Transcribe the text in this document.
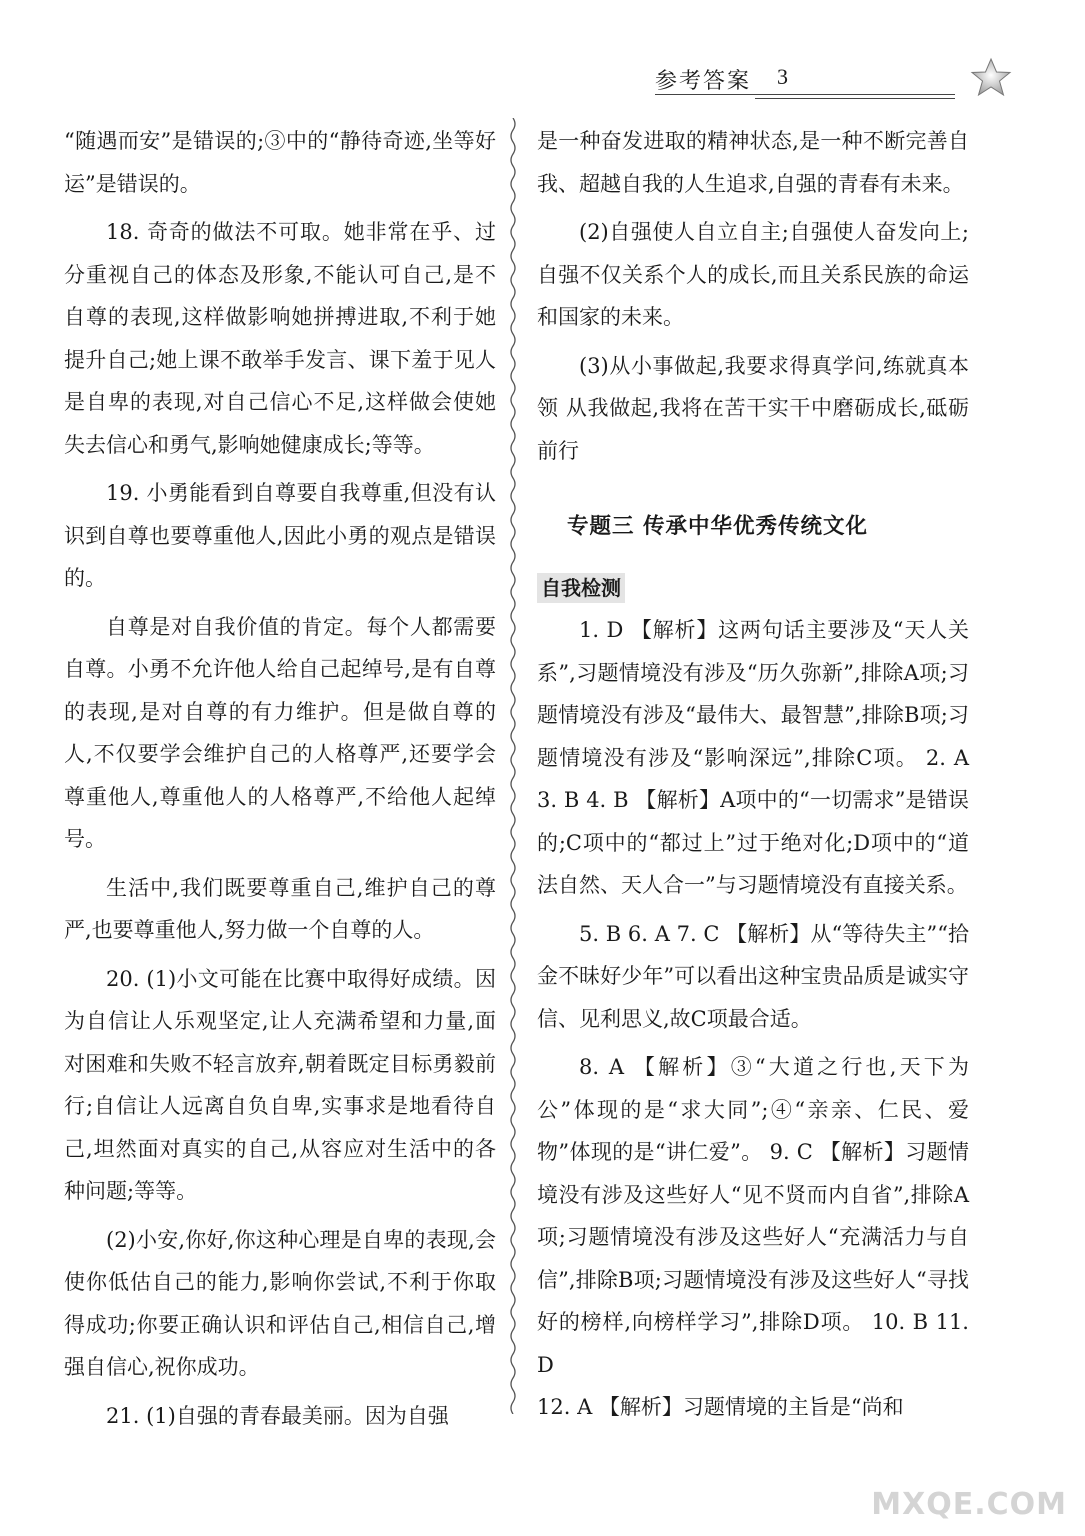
参考答案 3

“随遇而安”是错误的;③中的“静待奇迹,坐等好运”是错误的。

18. 奇奇的做法不可取。她非常在乎、过分重视自己的体态及形象,不能认可自己,是不自尊的表现,这样做影响她拼搏进取,不利于她提升自己;她上课不敢举手发言、课下羞于见人是自卑的表现,对自己信心不足,这样做会使她失去信心和勇气,影响她健康成长;等等。

19. 小勇能看到自尊要自我尊重,但没有认识到自尊也要尊重他人,因此小勇的观点是错误的。

自尊是对自我价值的肯定。每个人都需要自尊。小勇不允许他人给自己起绰号,是有自尊的表现,是对自尊的有力维护。但是做自尊的人,不仅要学会维护自己的人格尊严,还要学会尊重他人,尊重他人的人格尊严,不给他人起绰号。

生活中,我们既要尊重自己,维护自己的尊严,也要尊重他人,努力做一个自尊的人。

20. (1)小文可能在比赛中取得好成绩。因为自信让人乐观坚定,让人充满希望和力量,面对困难和失败不轻言放弃,朝着既定目标勇毅前行;自信让人远离自负自卑,实事求是地看待自己,坦然面对真实的自己,从容应对生活中的各种问题;等等。

(2)小安,你好,你这种心理是自卑的表现,会使你低估自己的能力,影响你尝试,不利于你取得成功;你要正确认识和评估自己,相信自己,增强自信心,祝你成功。

21. (1)自强的青春最美丽。因为自强

是一种奋发进取的精神状态,是一种不断完善自我、超越自我的人生追求,自强的青春有未来。

(2)自强使人自立自主;自强使人奋发向上;自强不仅关系个人的成长,而且关系民族的命运和国家的未来。

(3)从小事做起,我要求得真学问,练就真本领 从我做起,我将在苦干实干中磨砺成长,砥砺前行

专题三 传承中华优秀传统文化

自我检测

1. D 【解析】这两句话主要涉及“天人关系”,习题情境没有涉及“历久弥新”,排除A项;习题情境没有涉及“最伟大、最智慧”,排除B项;习题情境没有涉及“影响深远”,排除C项。 2. A 3. B 4. B 【解析】A项中的“一切需求”是错误的;C项中的“都过上”过于绝对化;D项中的“道法自然、天人合一”与习题情境没有直接关系。

5. B 6. A 7. C 【解析】从“等待失主”“拾金不昧好少年”可以看出这种宝贵品质是诚实守信、见利思义,故C项最合适。

8. A 【解析】③“大道之行也,天下为公”体现的是“求大同”;④“亲亲、仁民、爱物”体现的是“讲仁爱”。 9. C 【解析】习题情境没有涉及这些好人“见不贤而内自省”,排除A项;习题情境没有涉及这些好人“充满活力与自信”,排除B项;习题情境没有涉及这些好人“寻找好的榜样,向榜样学习”,排除D项。 10. B 11. D

12. A 【解析】习题情境的主旨是“尚和

MXQE.COM
